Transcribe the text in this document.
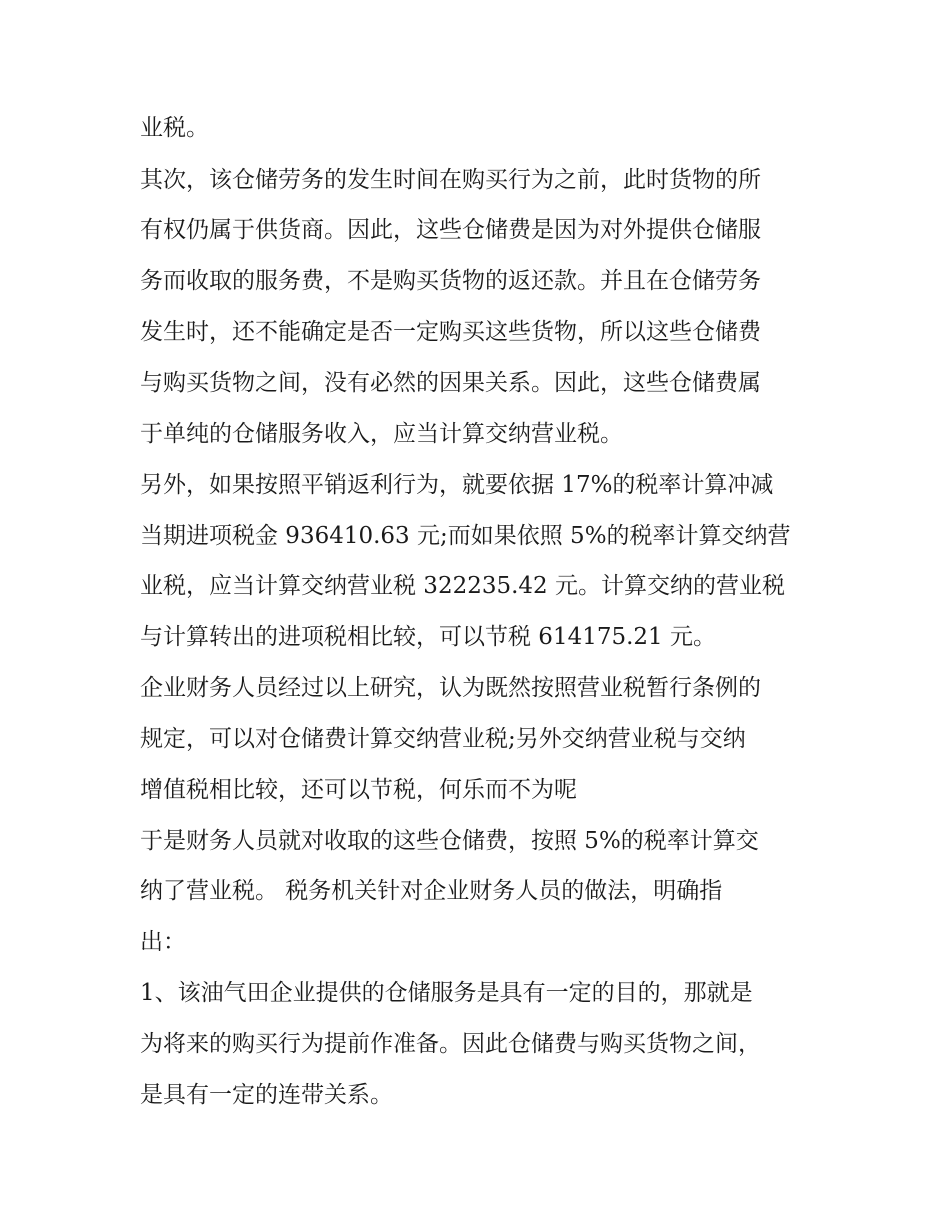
业税。
其次，该仓储劳务的发生时间在购买行为之前，此时货物的所
有权仍属于供货商。因此，这些仓储费是因为对外提供仓储服
务而收取的服务费，不是购买货物的返还款。并且在仓储劳务
发生时，还不能确定是否一定购买这些货物，所以这些仓储费
与购买货物之间，没有必然的因果关系。因此，这些仓储费属
于单纯的仓储服务收入，应当计算交纳营业税。
另外，如果按照平销返利行为，就要依据 17%的税率计算冲减
当期进项税金 936410.63 元;而如果依照 5%的税率计算交纳营
业税，应当计算交纳营业税 322235.42 元。计算交纳的营业税
与计算转出的进项税相比较，可以节税 614175.21 元。
企业财务人员经过以上研究，认为既然按照营业税暂行条例的
规定，可以对仓储费计算交纳营业税;另外交纳营业税与交纳
增值税相比较，还可以节税，何乐而不为呢
于是财务人员就对收取的这些仓储费，按照 5%的税率计算交
纳了营业税。 税务机关针对企业财务人员的做法，明确指
出：
1、该油气田企业提供的仓储服务是具有一定的目的，那就是
为将来的购买行为提前作准备。因此仓储费与购买货物之间，
是具有一定的连带关系。
